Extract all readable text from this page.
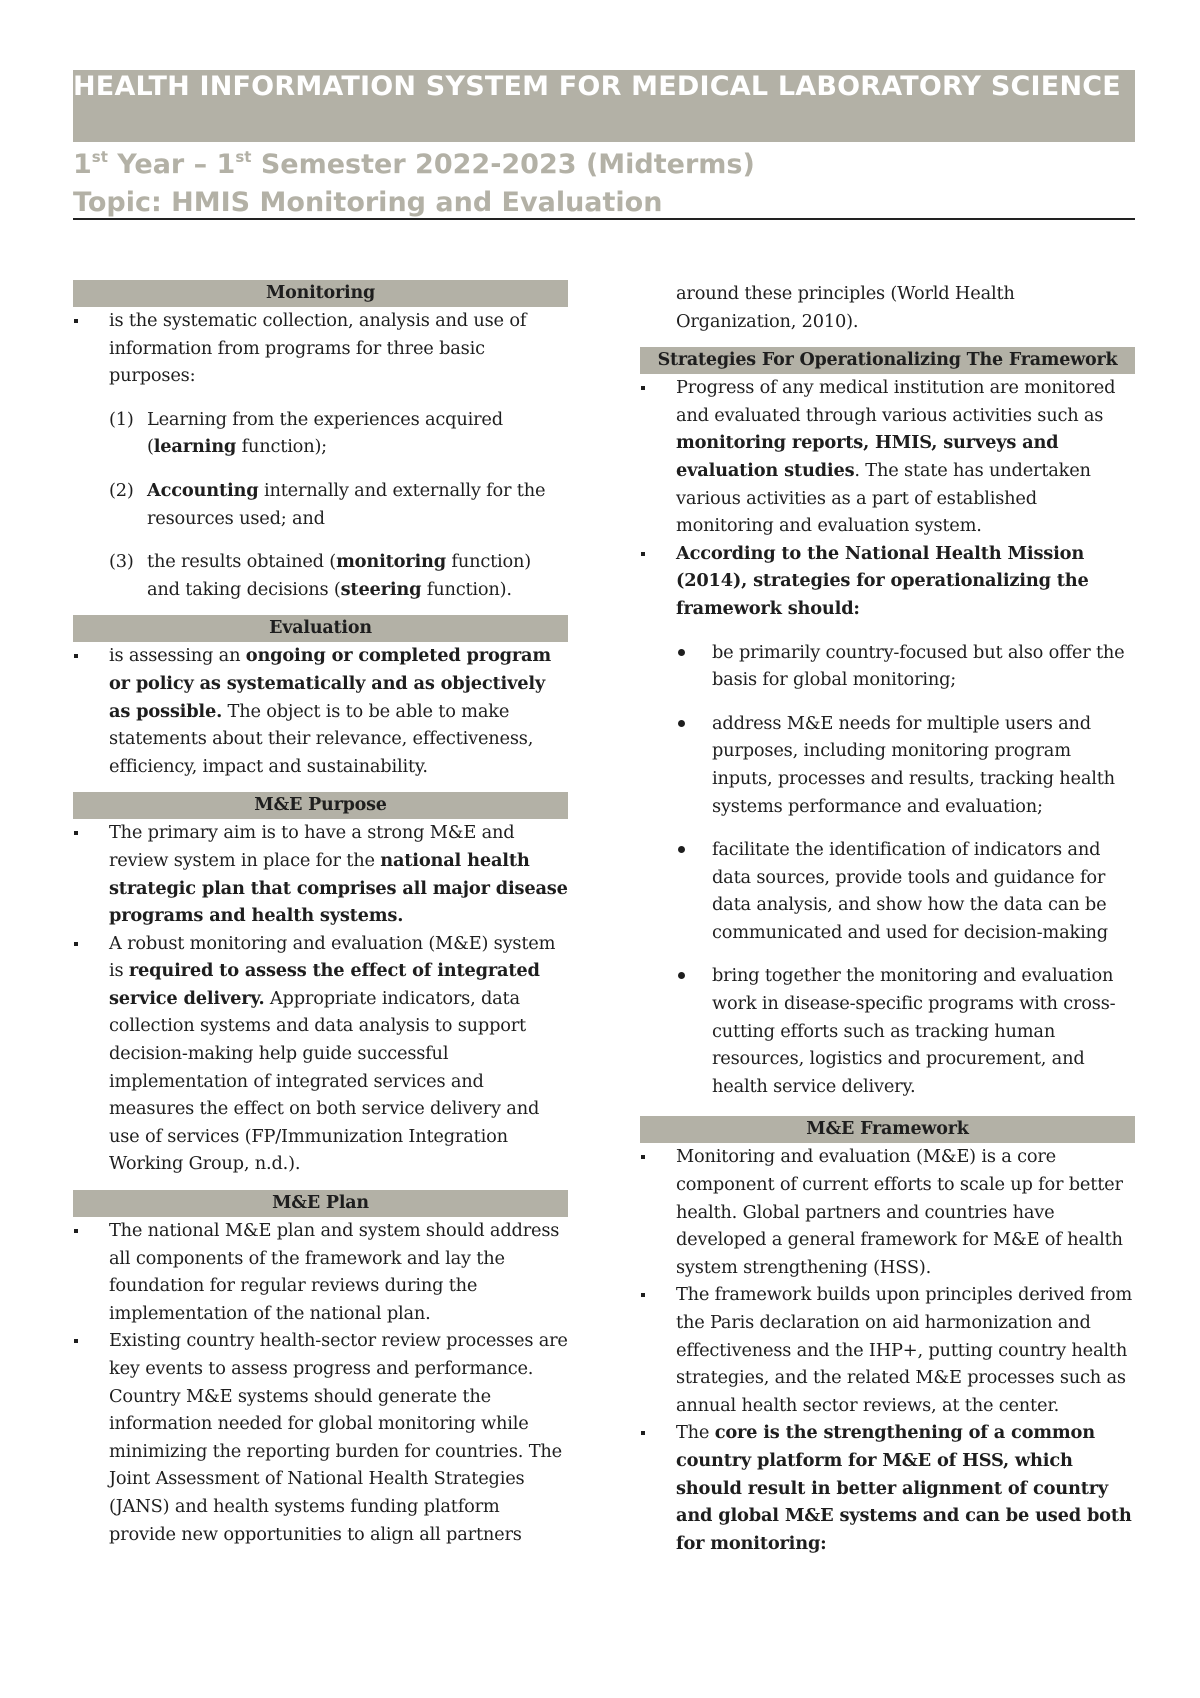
HEALTH INFORMATION SYSTEM FOR MEDICAL LABORATORY SCIENCE

1st Year – 1st Semester 2022-2023 (Midterms)

Topic: HMIS Monitoring and Evaluation

Monitoring
is the systematic collection, analysis and use of information from programs for three basic purposes:
(1) Learning from the experiences acquired (learning function);
(2) Accounting internally and externally for the resources used; and
(3) the results obtained (monitoring function) and taking decisions (steering function).
Evaluation
is assessing an ongoing or completed program or policy as systematically and as objectively as possible. The object is to be able to make statements about their relevance, effectiveness, efficiency, impact and sustainability.
M&E Purpose
The primary aim is to have a strong M&E and review system in place for the national health strategic plan that comprises all major disease programs and health systems.
A robust monitoring and evaluation (M&E) system is required to assess the effect of integrated service delivery. Appropriate indicators, data collection systems and data analysis to support decision-making help guide successful implementation of integrated services and measures the effect on both service delivery and use of services (FP/Immunization Integration Working Group, n.d.).
M&E Plan
The national M&E plan and system should address all components of the framework and lay the foundation for regular reviews during the implementation of the national plan.
Existing country health-sector review processes are key events to assess progress and performance. Country M&E systems should generate the information needed for global monitoring while minimizing the reporting burden for countries. The Joint Assessment of National Health Strategies (JANS) and health systems funding platform provide new opportunities to align all partners
around these principles (World Health Organization, 2010).
Strategies For Operationalizing The Framework
Progress of any medical institution are monitored and evaluated through various activities such as monitoring reports, HMIS, surveys and evaluation studies. The state has undertaken various activities as a part of established monitoring and evaluation system.
According to the National Health Mission (2014), strategies for operationalizing the framework should:
be primarily country-focused but also offer the basis for global monitoring;
address M&E needs for multiple users and purposes, including monitoring program inputs, processes and results, tracking health systems performance and evaluation;
facilitate the identification of indicators and data sources, provide tools and guidance for data analysis, and show how the data can be communicated and used for decision-making
bring together the monitoring and evaluation work in disease-specific programs with cross-cutting efforts such as tracking human resources, logistics and procurement, and health service delivery.
M&E Framework
Monitoring and evaluation (M&E) is a core component of current efforts to scale up for better health. Global partners and countries have developed a general framework for M&E of health system strengthening (HSS).
The framework builds upon principles derived from the Paris declaration on aid harmonization and effectiveness and the IHP+, putting country health strategies, and the related M&E processes such as annual health sector reviews, at the center.
The core is the strengthening of a common country platform for M&E of HSS, which should result in better alignment of country and global M&E systems and can be used both for monitoring:
